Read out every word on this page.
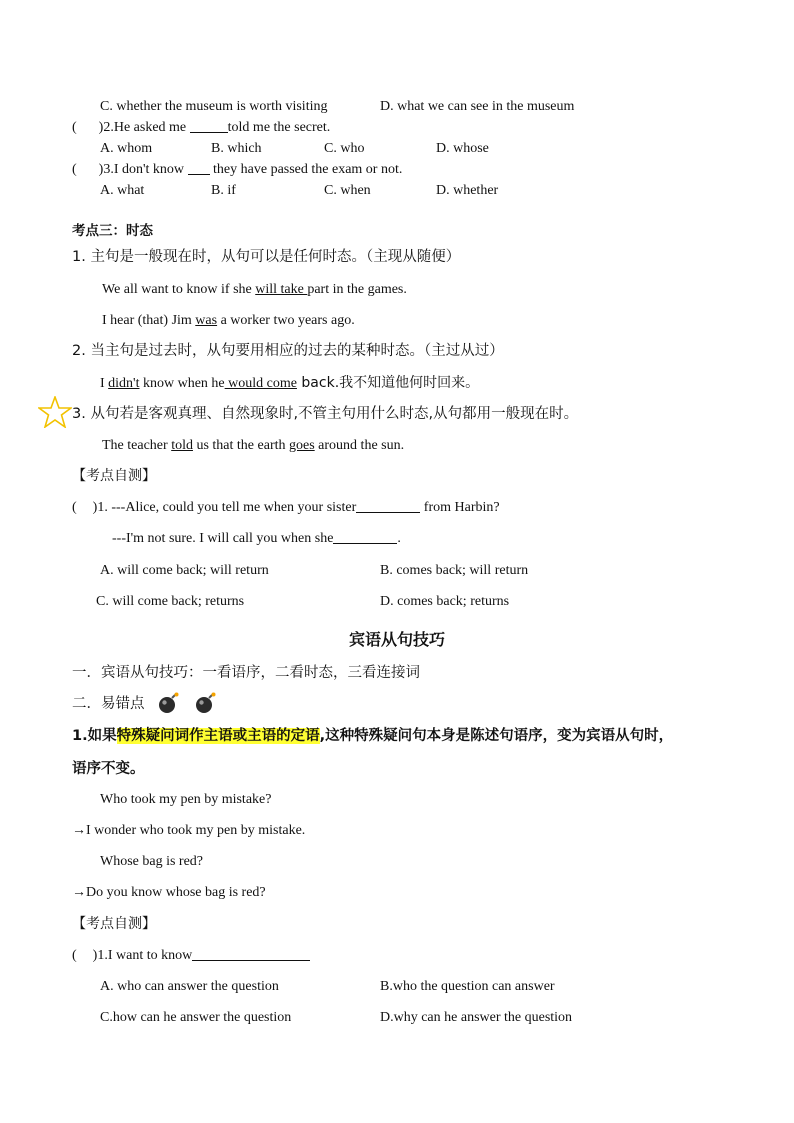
C. whether the museum is worth visiting	D. what we can see in the museum
( )2.He asked me	told me the secret.
A. whom	B. which	C. who	D. whose
( )3.I don't know they have passed the exam or not.
A. what	B. if	C. when	D. whether
考点三：时态
1. 主句是一般现在时，从句可以是任何时态。（主现从随便）
We all want to know if she will take part in the games.
I hear (that) Jim was a worker two years ago.
2. 当主句是过去时，从句要用相应的过去的某种时态。（主过从过）
I didn't know when he would come back.我不知道他何时回来。
3. 从句若是客观真理、自然现象时,不管主句用什么时态,从句都用一般现在时。
The teacher told us that the earth goes around the sun.
【考点自测】
( )1. ---Alice, could you tell me when your sister	from Harbin?
---I'm not sure. I will call you when she	.
A. will come back; will return	B. comes back; will return
C. will come back; returns	D. comes back; returns
宾语从句技巧
一．宾语从句技巧：一看语序，二看时态，三看连接词
二．易错点
1.如果特殊疑问词作主语或主语的定语,这种特殊疑问句本身是陈述句语序，变为宾语从句时，
语序不变。
Who took my pen by mistake?
→I wonder who took my pen by mistake.
Whose bag is red?
→Do you know whose bag is red?
【考点自测】
( )1.I want to know
A. who can answer the question	B.who the question can answer
C.how can he answer the question	D.why can he answer the question
